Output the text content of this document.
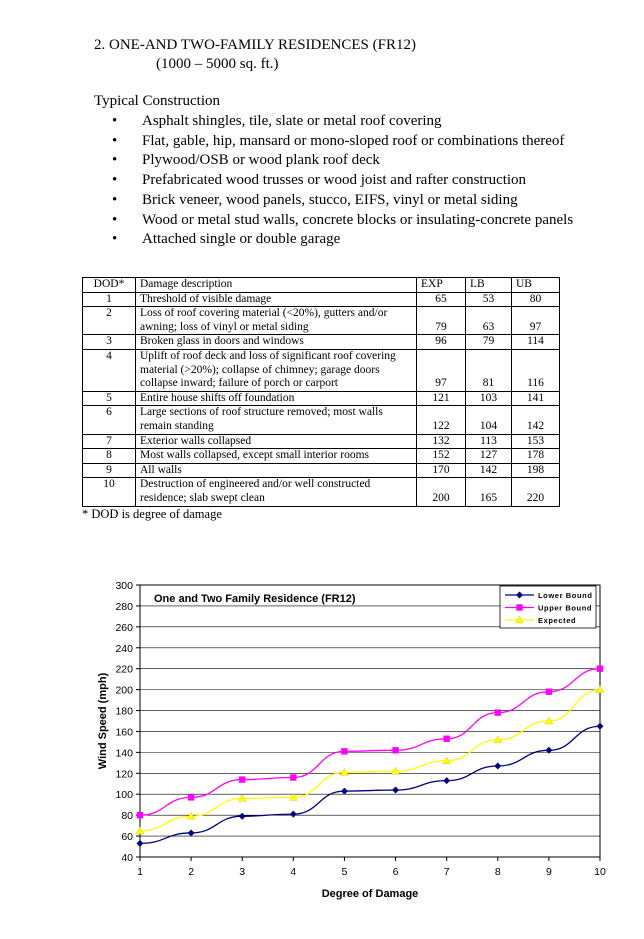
2. ONE-AND TWO-FAMILY RESIDENCES (FR12)
(1000 – 5000 sq. ft.)
Typical Construction
•	Asphalt shingles, tile, slate or metal roof covering
•	Flat, gable, hip, mansard or mono-sloped roof or combinations thereof
•	Plywood/OSB or wood plank roof deck
•	Prefabricated wood trusses or wood joist and rafter construction
•	Brick veneer, wood panels, stucco, EIFS, vinyl or metal siding
•	Wood or metal stud walls, concrete blocks or insulating-concrete panels
•	Attached single or double garage
DOD*	Damage description	EXP	LB	UB
1	Threshold of visible damage	65	53	80
2	Loss of roof covering material (<20%), gutters and/or
awning; loss of vinyl or metal siding	79	63	97
3	Broken glass in doors and windows	96	79	114
4	Uplift of roof deck and loss of significant roof covering
material (>20%); collapse of chimney; garage doors
collapse inward; failure of porch or carport	97	81	116
5	Entire house shifts off foundation	121	103	141
6	Large sections of roof structure removed; most walls
remain standing	122	104	142
7	Exterior walls collapsed	132	113	153
8	Most walls collapsed, except small interior rooms	152	127	178
9	All walls	170	142	198
10	Destruction of engineered and/or well constructed
residence; slab swept clean	200	165	220
* DOD is degree of damage
40
60
80
100
120
140
160
180
200
220
240
260
280
300
1	2	3	4	5	6	7	8	9	10
Degree of Damage
Wind Speed (mph)
One and Two Family Residence (FR12)	Lower Bound
Upper Bound
Expected
